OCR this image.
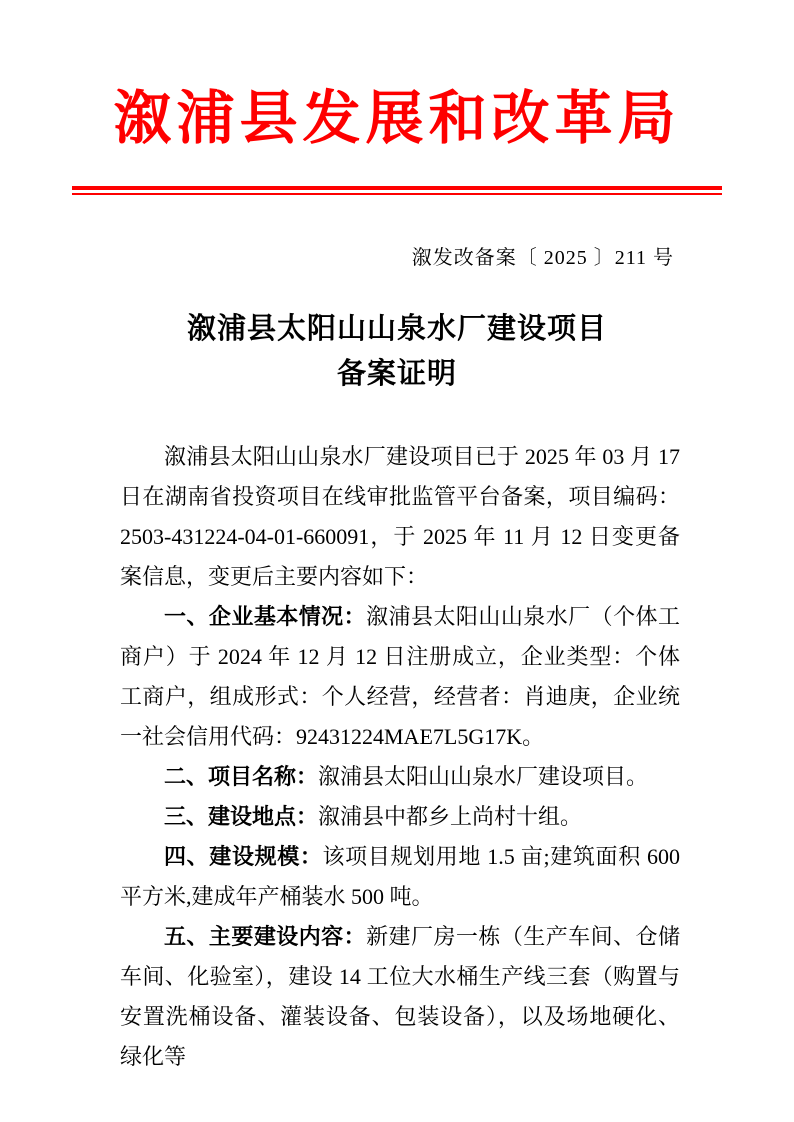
溆浦县发展和改革局
溆发改备案〔 2025 〕211 号
溆浦县太阳山山泉水厂建设项目
备案证明

溆浦县太阳山山泉水厂建设项目已于 2025 年 03 月 17 日在湖南省投资项目在线审批监管平台备案，项目编码：2503-431224-04-01-660091，于 2025 年 11 月 12 日变更备案信息，变更后主要内容如下：

一、企业基本情况：溆浦县太阳山山泉水厂（个体工商户）于 2024 年 12 月 12 日注册成立，企业类型：个体工商户，组成形式：个人经营，经营者：肖迪庚，企业统一社会信用代码：92431224MAE7L5G17K。

二、项目名称：溆浦县太阳山山泉水厂建设项目。

三、建设地点：溆浦县中都乡上尚村十组。

四、建设规模：该项目规划用地 1.5 亩;建筑面积 600 平方米,建成年产桶装水 500 吨。

五、主要建设内容：新建厂房一栋（生产车间、仓储车间、化验室），建设 14 工位大水桶生产线三套（购置与安置洗桶设备、灌装设备、包装设备），以及场地硬化、绿化等
